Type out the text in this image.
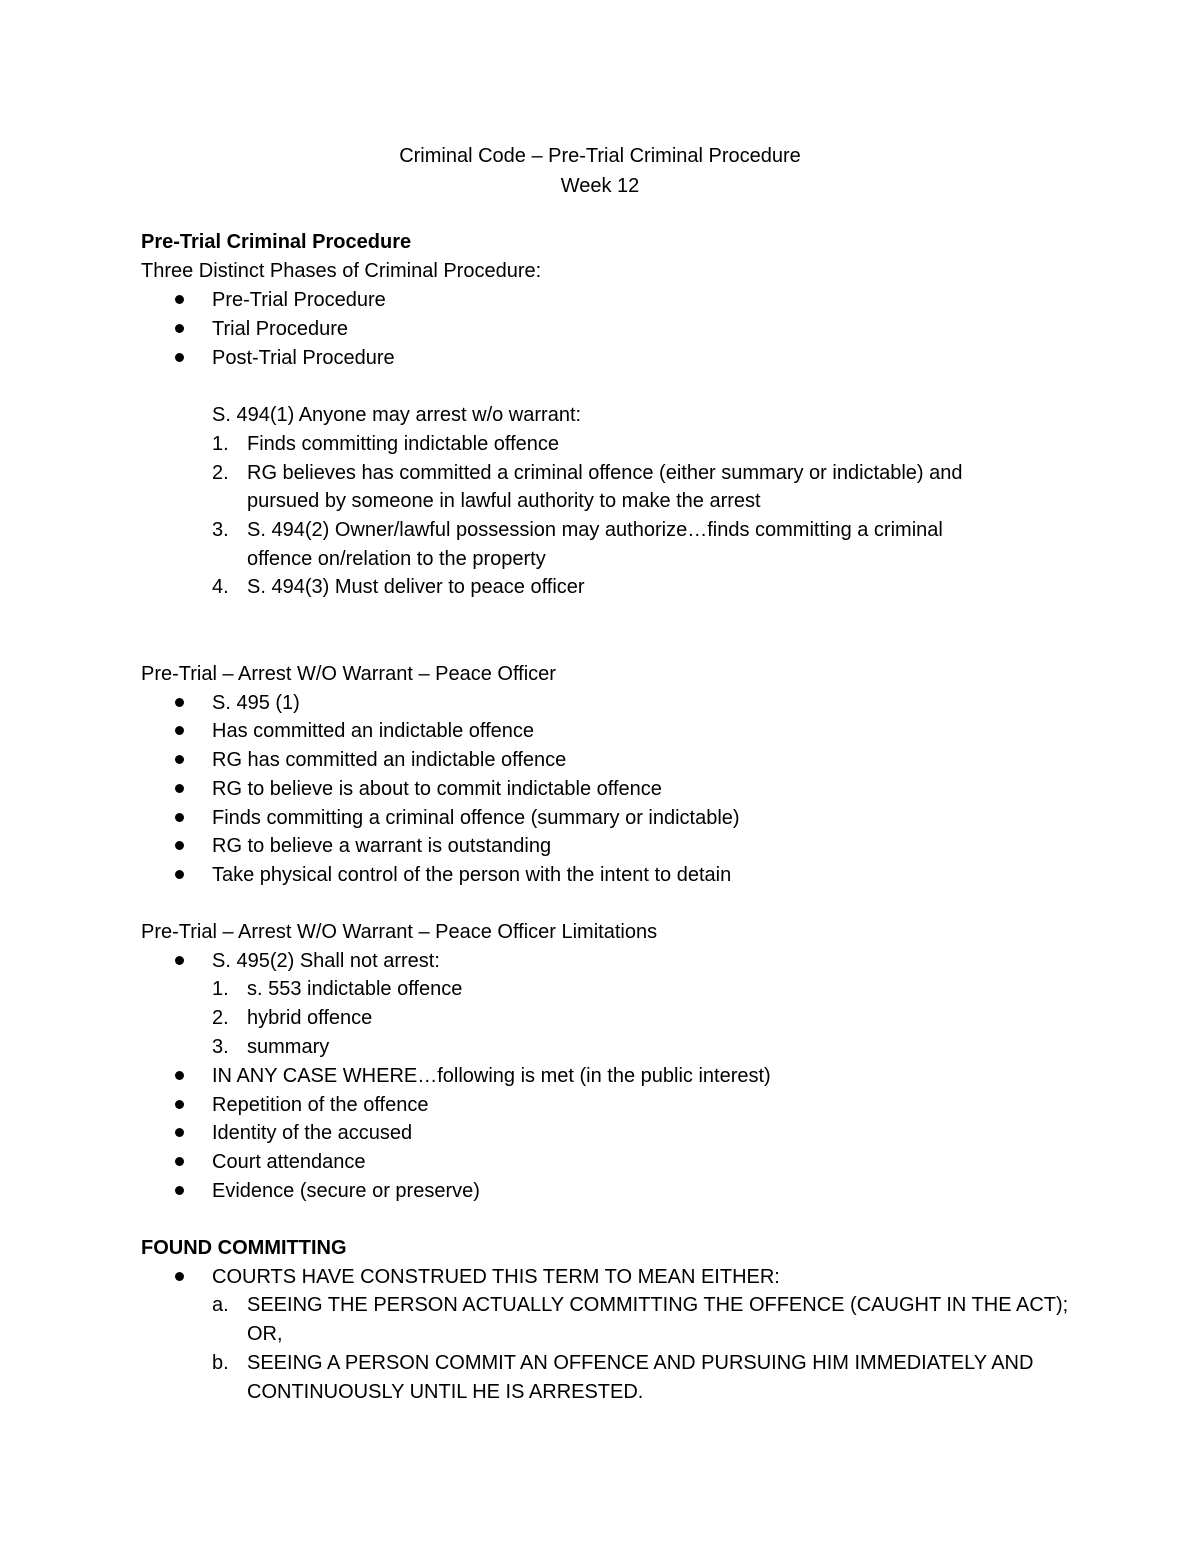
Criminal Code – Pre-Trial Criminal Procedure
Week 12
Pre-Trial Criminal Procedure
Three Distinct Phases of Criminal Procedure:
Pre-Trial Procedure
Trial Procedure
Post-Trial Procedure
S. 494(1) Anyone may arrest w/o warrant:
1. Finds committing indictable offence
2. RG believes has committed a criminal offence (either summary or indictable) and
pursued by someone in lawful authority to make the arrest
3. S. 494(2) Owner/lawful possession may authorize…finds committing a criminal
offence on/relation to the property
4. S. 494(3) Must deliver to peace officer
Pre-Trial – Arrest W/O Warrant – Peace Officer
S. 495 (1)
Has committed an indictable offence
RG has committed an indictable offence
RG to believe is about to commit indictable offence
Finds committing a criminal offence (summary or indictable)
RG to believe a warrant is outstanding
Take physical control of the person with the intent to detain
Pre-Trial – Arrest W/O Warrant – Peace Officer Limitations
S. 495(2) Shall not arrest:
1. s. 553 indictable offence
2. hybrid offence
3. summary
IN ANY CASE WHERE…following is met (in the public interest)
Repetition of the offence
Identity of the accused
Court attendance
Evidence (secure or preserve)
FOUND COMMITTING
COURTS HAVE CONSTRUED THIS TERM TO MEAN EITHER:
a. SEEING THE PERSON ACTUALLY COMMITTING THE OFFENCE (CAUGHT IN THE ACT);
OR,
b. SEEING A PERSON COMMIT AN OFFENCE AND PURSUING HIM IMMEDIATELY AND
CONTINUOUSLY UNTIL HE IS ARRESTED.
